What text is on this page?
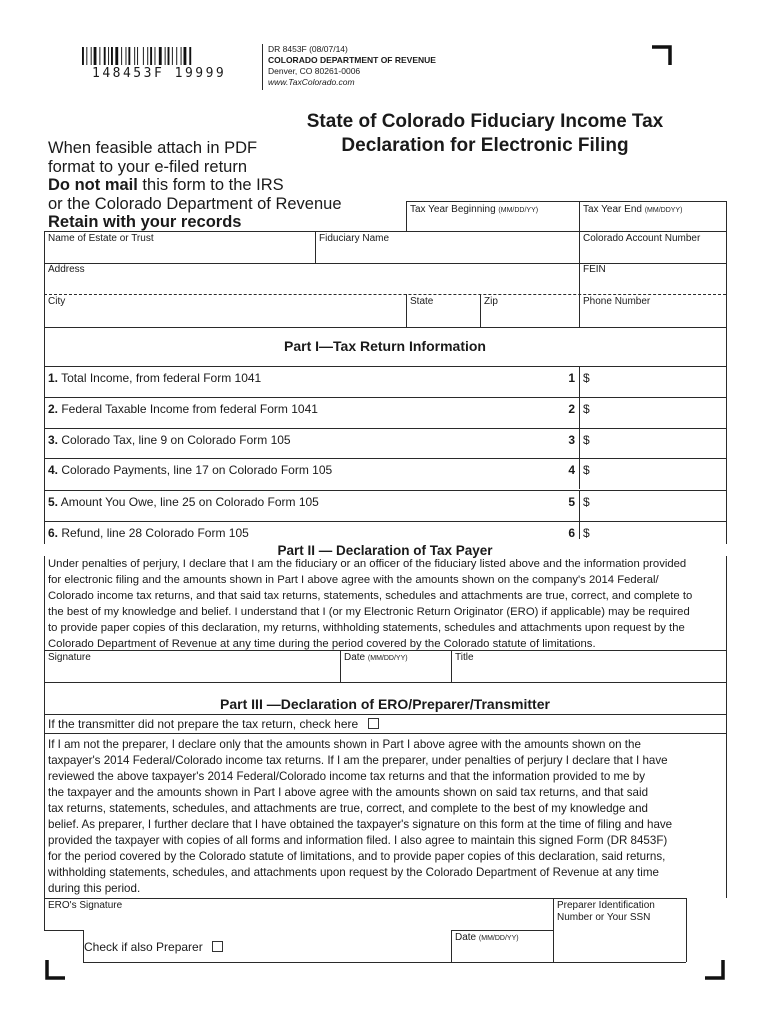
148453F 19999
DR 8453F (08/07/14)
COLORADO DEPARTMENT OF REVENUE
Denver, CO 80261-0006
www.TaxColorado.com
State of Colorado Fiduciary Income Tax
Declaration for Electronic Filing
When feasible attach in PDF
format to your e-filed return
Do not mail this form to the IRS
or the Colorado Department of Revenue
Retain with your records
Tax Year Beginning (MM/DD/YY)	Tax Year End (MM/DDYY)
Name of Estate or Trust	Fiduciary Name	Colorado Account Number
Address	FEIN
City	State	Zip	Phone Number
Part I—Tax Return Information
1. Total Income, from federal Form 1041	1 $
2. Federal Taxable Income from federal Form 1041	2 $
3. Colorado Tax, line 9 on Colorado Form 105	3 $
4. Colorado Payments, line 17 on Colorado Form 105	4 $
5. Amount You Owe, line 25 on Colorado Form 105	5 $
6. Refund, line 28 Colorado Form 105	6 $
Part II — Declaration of Tax Payer

Under penalties of perjury, I declare that I am the fiduciary or an officer of the fiduciary listed above and the information provided

for electronic filing and the amounts shown in Part I above agree with the amounts shown on the company's 2014 Federal/

Colorado income tax returns, and that said tax returns, statements, schedules and attachments are true, correct, and complete to

the best of my knowledge and belief. I understand that I (or my Electronic Return Originator (ERO) if applicable) may be required

to provide paper copies of this declaration, my returns, withholding statements, schedules and attachments upon request by the

Colorado Department of Revenue at any time during the period covered by the Colorado statute of limitations.

Signature	Date (MM/DD/YY)	Title
Part III —Declaration of ERO/Preparer/Transmitter
If the transmitter did not prepare the tax return, check here

If I am not the preparer, I declare only that the amounts shown in Part I above agree with the amounts shown on the

taxpayer's 2014 Federal/Colorado income tax returns. If I am the preparer, under penalties of perjury I declare that I have

reviewed the above taxpayer's 2014 Federal/Colorado income tax returns and that the information provided to me by

the taxpayer and the amounts shown in Part I above agree with the amounts shown on said tax returns, and that said

tax returns, statements, schedules, and attachments are true, correct, and complete to the best of my knowledge and

belief. As preparer, I further declare that I have obtained the taxpayer's signature on this form at the time of filing and have

provided the taxpayer with copies of all forms and information filed. I also agree to maintain this signed Form (DR 8453F)

for the period covered by the Colorado statute of limitations, and to provide paper copies of this declaration, said returns,

withholding statements, schedules, and attachments upon request by the Colorado Department of Revenue at any time

during this period.

ERO's Signature	Preparer Identification
Number or Your SSN
Check if also Preparer
Date (MM/DD/YY)
